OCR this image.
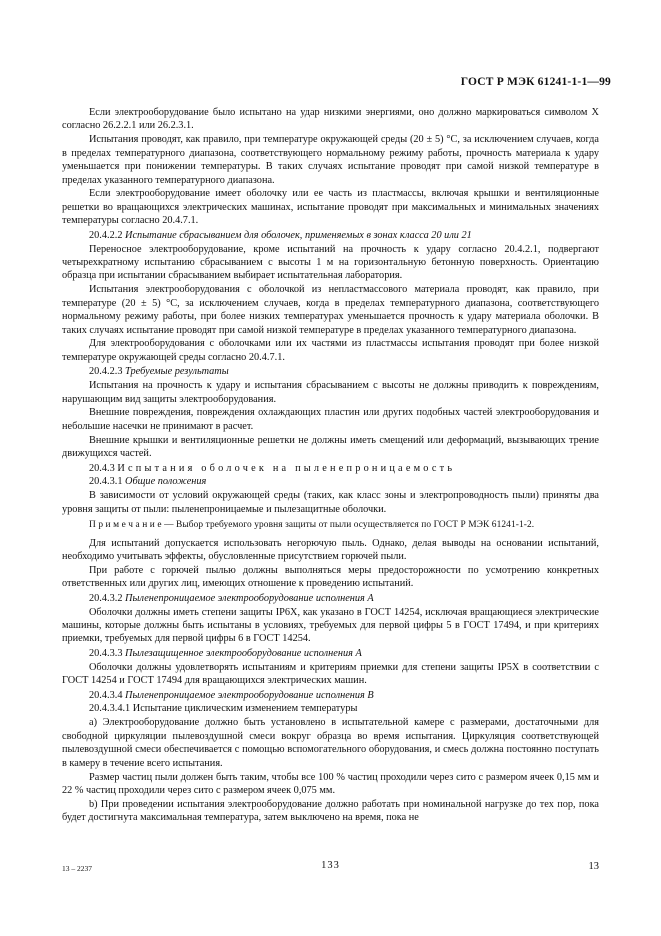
ГОСТ Р МЭК 61241-1-1—99

Если электрооборудование было испытано на удар низкими энергиями, оно должно маркироваться символом X согласно 26.2.2.1 или 26.2.3.1.

Испытания проводят, как правило, при температуре окружающей среды (20 ± 5) °С, за исключением случаев, когда в пределах температурного диапазона, соответствующего нормальному режиму работы, прочность материала к удару уменьшается при понижении температуры. В таких случаях испытание проводят при самой низкой температуре в пределах указанного температурного диапазона.

Если электрооборудование имеет оболочку или ее часть из пластмассы, включая крышки и вентиляционные решетки во вращающихся электрических машинах, испытание проводят при максимальных и минимальных значениях температуры согласно 20.4.7.1.

20.4.2.2 Испытание сбрасыванием для оболочек, применяемых в зонах класса 20 или 21

Переносное электрооборудование, кроме испытаний на прочность к удару согласно 20.4.2.1, подвергают четырехкратному испытанию сбрасыванием с высоты 1 м на горизонтальную бетонную поверхность. Ориентацию образца при испытании сбрасыванием выбирает испытательная лаборатория.

Испытания электрооборудования с оболочкой из непластмассового материала проводят, как правило, при температуре (20 ± 5) °С, за исключением случаев, когда в пределах температурного диапазона, соответствующего нормальному режиму работы, при более низких температурах уменьшается прочность к удару материала оболочки. В таких случаях испытание проводят при самой низкой температуре в пределах указанного температурного диапазона.

Для электрооборудования с оболочками или их частями из пластмассы испытания проводят при более низкой температуре окружающей среды согласно 20.4.7.1.

20.4.2.3 Требуемые результаты

Испытания на прочность к удару и испытания сбрасыванием с высоты не должны приводить к повреждениям, нарушающим вид защиты электрооборудования.

Внешние повреждения, повреждения охлаждающих пластин или других подобных частей электрооборудования и небольшие насечки не принимают в расчет.

Внешние крышки и вентиляционные решетки не должны иметь смещений или деформаций, вызывающих трение движущихся частей.

20.4.3 Испытания оболочек на пыленепроницаемость

20.4.3.1 Общие положения

В зависимости от условий окружающей среды (таких, как класс зоны и электропроводность пыли) приняты два уровня защиты от пыли: пыленепроницаемые и пылезащитные оболочки.

П р и м е ч а н и е — Выбор требуемого уровня защиты от пыли осуществляется по ГОСТ Р МЭК 61241-1-2.

Для испытаний допускается использовать негорючую пыль. Однако, делая выводы на основании испытаний, необходимо учитывать эффекты, обусловленные присутствием горючей пыли.

При работе с горючей пылью должны выполняться меры предосторожности по усмотрению конкретных ответственных или других лиц, имеющих отношение к проведению испытаний.

20.4.3.2 Пыленепроницаемое электрооборудование исполнения А

Оболочки должны иметь степени защиты IP6X, как указано в ГОСТ 14254, исключая вращающиеся электрические машины, которые должны быть испытаны в условиях, требуемых для первой цифры 5 в ГОСТ 17494, и при критериях приемки, требуемых для первой цифры 6 в ГОСТ 14254.

20.4.3.3 Пылезащищенное электрооборудование исполнения А

Оболочки должны удовлетворять испытаниям и критериям приемки для степени защиты IP5X в соответствии с ГОСТ 14254 и ГОСТ 17494 для вращающихся электрических машин.

20.4.3.4 Пыленепроницаемое электрооборудование исполнения В

20.4.3.4.1 Испытание циклическим изменением температуры

а) Электрооборудование должно быть установлено в испытательной камере с размерами, достаточными для свободной циркуляции пылевоздушной смеси вокруг образца во время испытания. Циркуляция соответствующей пылевоздушной смеси обеспечивается с помощью вспомогательного оборудования, и смесь должна постоянно поступать в камеру в течение всего испытания.

Размер частиц пыли должен быть таким, чтобы все 100 % частиц проходили через сито с размером ячеек 0,15 мм и 22 % частиц проходили через сито с размером ячеек 0,075 мм.

b) При проведении испытания электрооборудование должно работать при номинальной нагрузке до тех пор, пока будет достигнута максимальная температура, затем выключено на время, пока не

13 – 2237	133	13
